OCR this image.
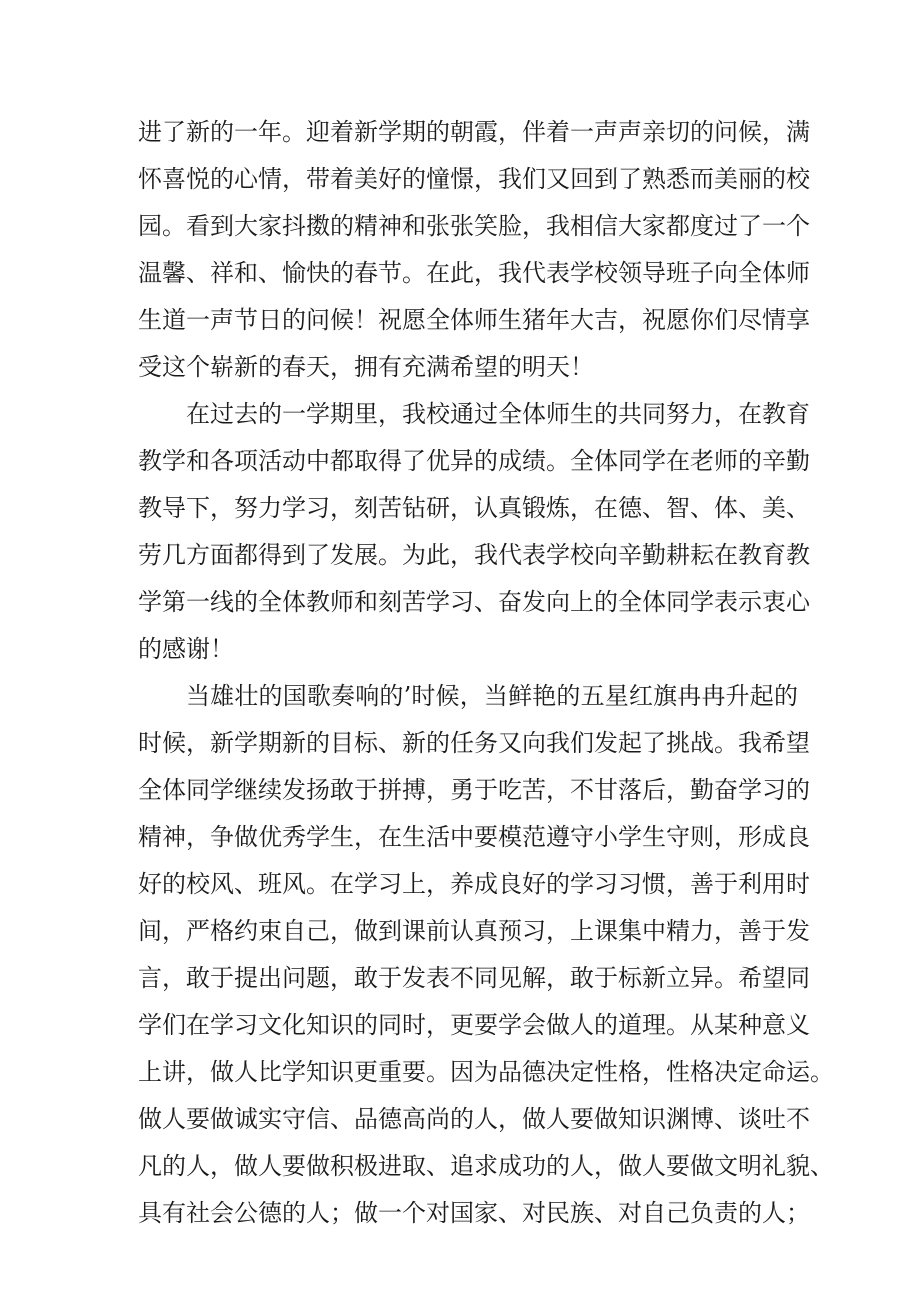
进了新的一年。迎着新学期的朝霞，伴着一声声亲切的问候，满
怀喜悦的心情，带着美好的憧憬，我们又回到了熟悉而美丽的校
园。看到大家抖擞的精神和张张笑脸，我相信大家都度过了一个
温馨、祥和、愉快的春节。在此，我代表学校领导班子向全体师
生道一声节日的问候！祝愿全体师生猪年大吉，祝愿你们尽情享
受这个崭新的春天，拥有充满希望的明天！
在过去的一学期里，我校通过全体师生的共同努力，在教育
教学和各项活动中都取得了优异的成绩。全体同学在老师的辛勤
教导下，努力学习，刻苦钻研，认真锻炼，在德、智、体、美、
劳几方面都得到了发展。为此，我代表学校向辛勤耕耘在教育教
学第一线的全体教师和刻苦学习、奋发向上的全体同学表示衷心
的感谢！
当雄壮的国歌奏响的’时候，当鲜艳的五星红旗冉冉升起的
时候，新学期新的目标、新的任务又向我们发起了挑战。我希望
全体同学继续发扬敢于拼搏，勇于吃苦，不甘落后，勤奋学习的
精神，争做优秀学生，在生活中要模范遵守小学生守则，形成良
好的校风、班风。在学习上，养成良好的学习习惯，善于利用时
间，严格约束自己，做到课前认真预习，上课集中精力，善于发
言，敢于提出问题，敢于发表不同见解，敢于标新立异。希望同
学们在学习文化知识的同时，更要学会做人的道理。从某种意义
上讲，做人比学知识更重要。因为品德决定性格，性格决定命运。
做人要做诚实守信、品德高尚的人，做人要做知识渊博、谈吐不
凡的人，做人要做积极进取、追求成功的人，做人要做文明礼貌、
具有社会公德的人；做一个对国家、对民族、对自己负责的人；
